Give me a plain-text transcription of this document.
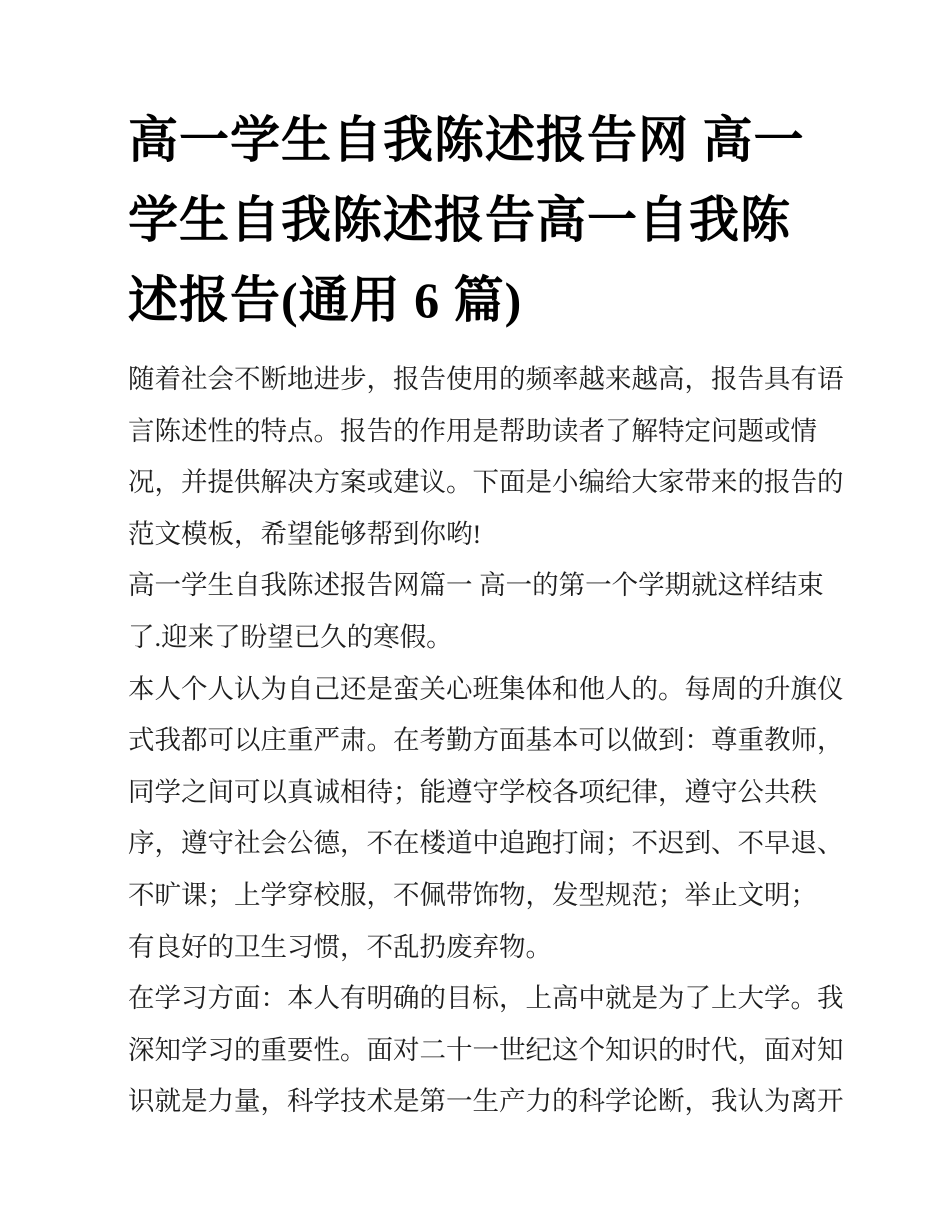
高一学生自我陈述报告网 高一
学生自我陈述报告高一自我陈
述报告(通用 6 篇)
随着社会不断地进步，报告使用的频率越来越高，报告具有语
言陈述性的特点。报告的作用是帮助读者了解特定问题或情
况，并提供解决方案或建议。下面是小编给大家带来的报告的
范文模板，希望能够帮到你哟!
高一学生自我陈述报告网篇一 高一的第一个学期就这样结束
了.迎来了盼望已久的寒假。
本人个人认为自己还是蛮关心班集体和他人的。每周的升旗仪
式我都可以庄重严肃。在考勤方面基本可以做到：尊重教师，
同学之间可以真诚相待；能遵守学校各项纪律，遵守公共秩
序，遵守社会公德，不在楼道中追跑打闹；不迟到、不早退、
不旷课；上学穿校服，不佩带饰物，发型规范；举止文明；
有良好的卫生习惯，不乱扔废弃物。
在学习方面：本人有明确的目标，上高中就是为了上大学。我
深知学习的重要性。面对二十一世纪这个知识的时代，面对知
识就是力量，科学技术是第一生产力的科学论断，我认为离开
